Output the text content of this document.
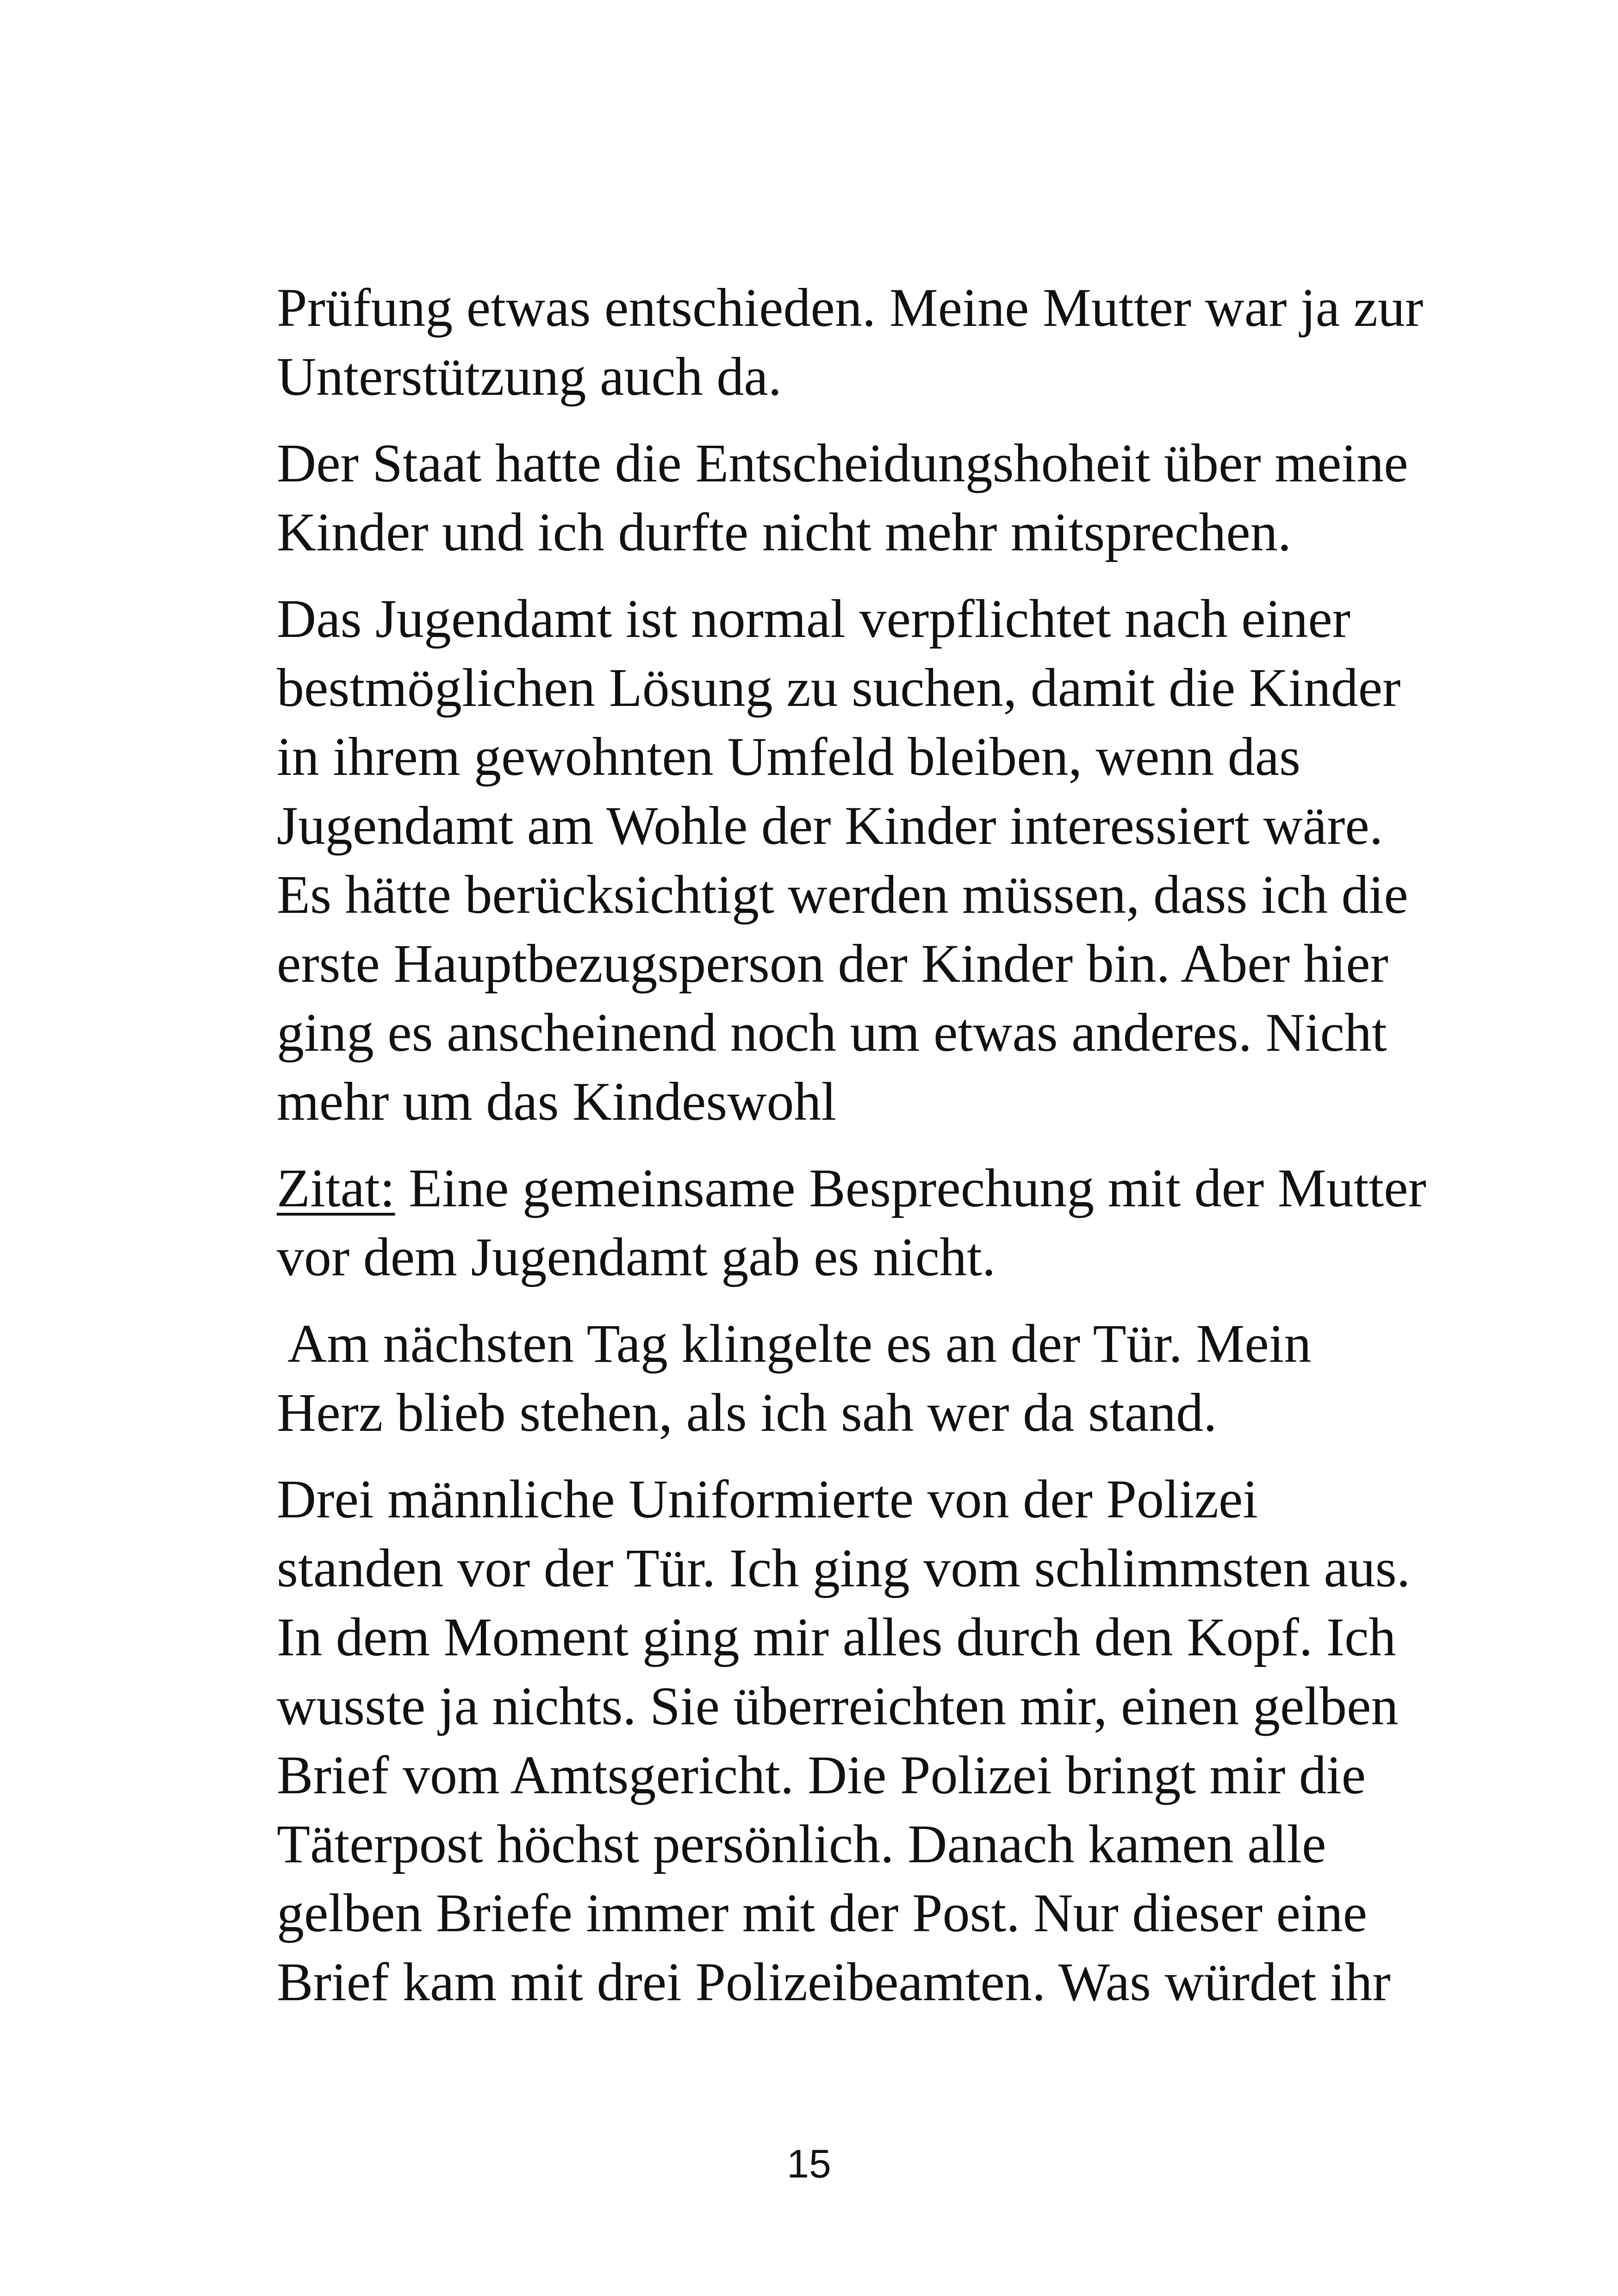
Prüfung etwas entschieden. Meine Mutter war ja zur
Unterstützung auch da.

Der Staat hatte die Entscheidungshoheit über meine
Kinder und ich durfte nicht mehr mitsprechen.

Das Jugendamt ist normal verpflichtet nach einer
bestmöglichen Lösung zu suchen, damit die Kinder
in ihrem gewohnten Umfeld bleiben, wenn das
Jugendamt am Wohle der Kinder interessiert wäre.
Es hätte berücksichtigt werden müssen, dass ich die
erste Hauptbezugsperson der Kinder bin. Aber hier
ging es anscheinend noch um etwas anderes. Nicht
mehr um das Kindeswohl

Zitat: Eine gemeinsame Besprechung mit der Mutter
vor dem Jugendamt gab es nicht.

Am nächsten Tag klingelte es an der Tür. Mein
Herz blieb stehen, als ich sah wer da stand.

Drei männliche Uniformierte von der Polizei
standen vor der Tür. Ich ging vom schlimmsten aus.
In dem Moment ging mir alles durch den Kopf. Ich
wusste ja nichts. Sie überreichten mir, einen gelben
Brief vom Amtsgericht. Die Polizei bringt mir die
Täterpost höchst persönlich. Danach kamen alle
gelben Briefe immer mit der Post. Nur dieser eine
Brief kam mit drei Polizeibeamten. Was würdet ihr

15
